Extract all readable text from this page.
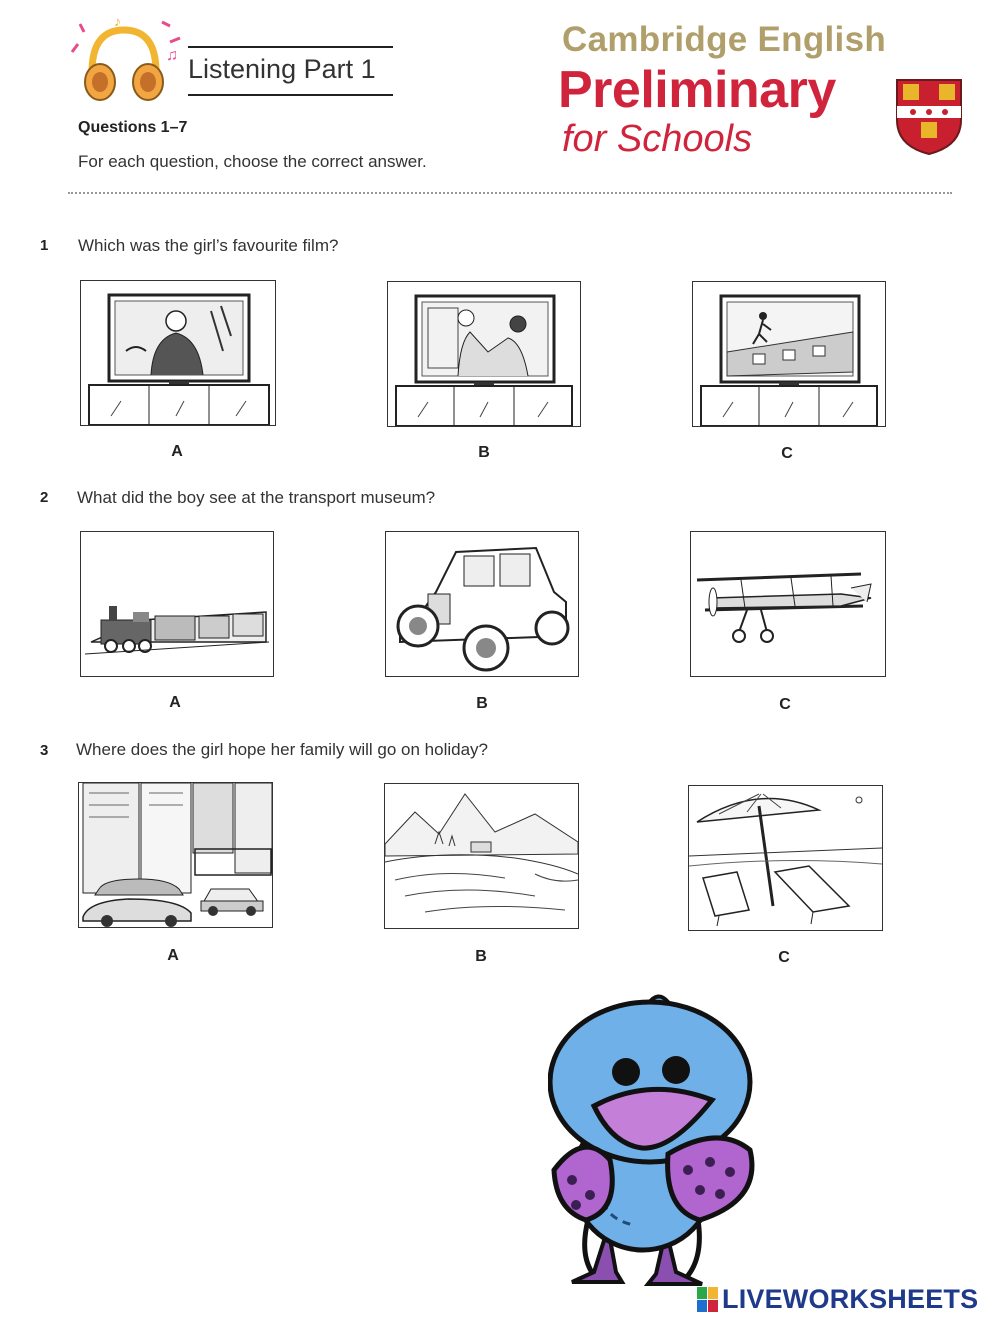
♪
♫ Listening Part 1
Questions 1–7
For each question, choose the correct answer.
Cambridge English
Preliminary
for Schools
1 Which was the girl’s favourite film?
A	B	C
2 What did the boy see at the transport museum?
A	B	C
3 Where does the girl hope her family will go on holiday?
A	B	C
LIVEWORKSHEETS
